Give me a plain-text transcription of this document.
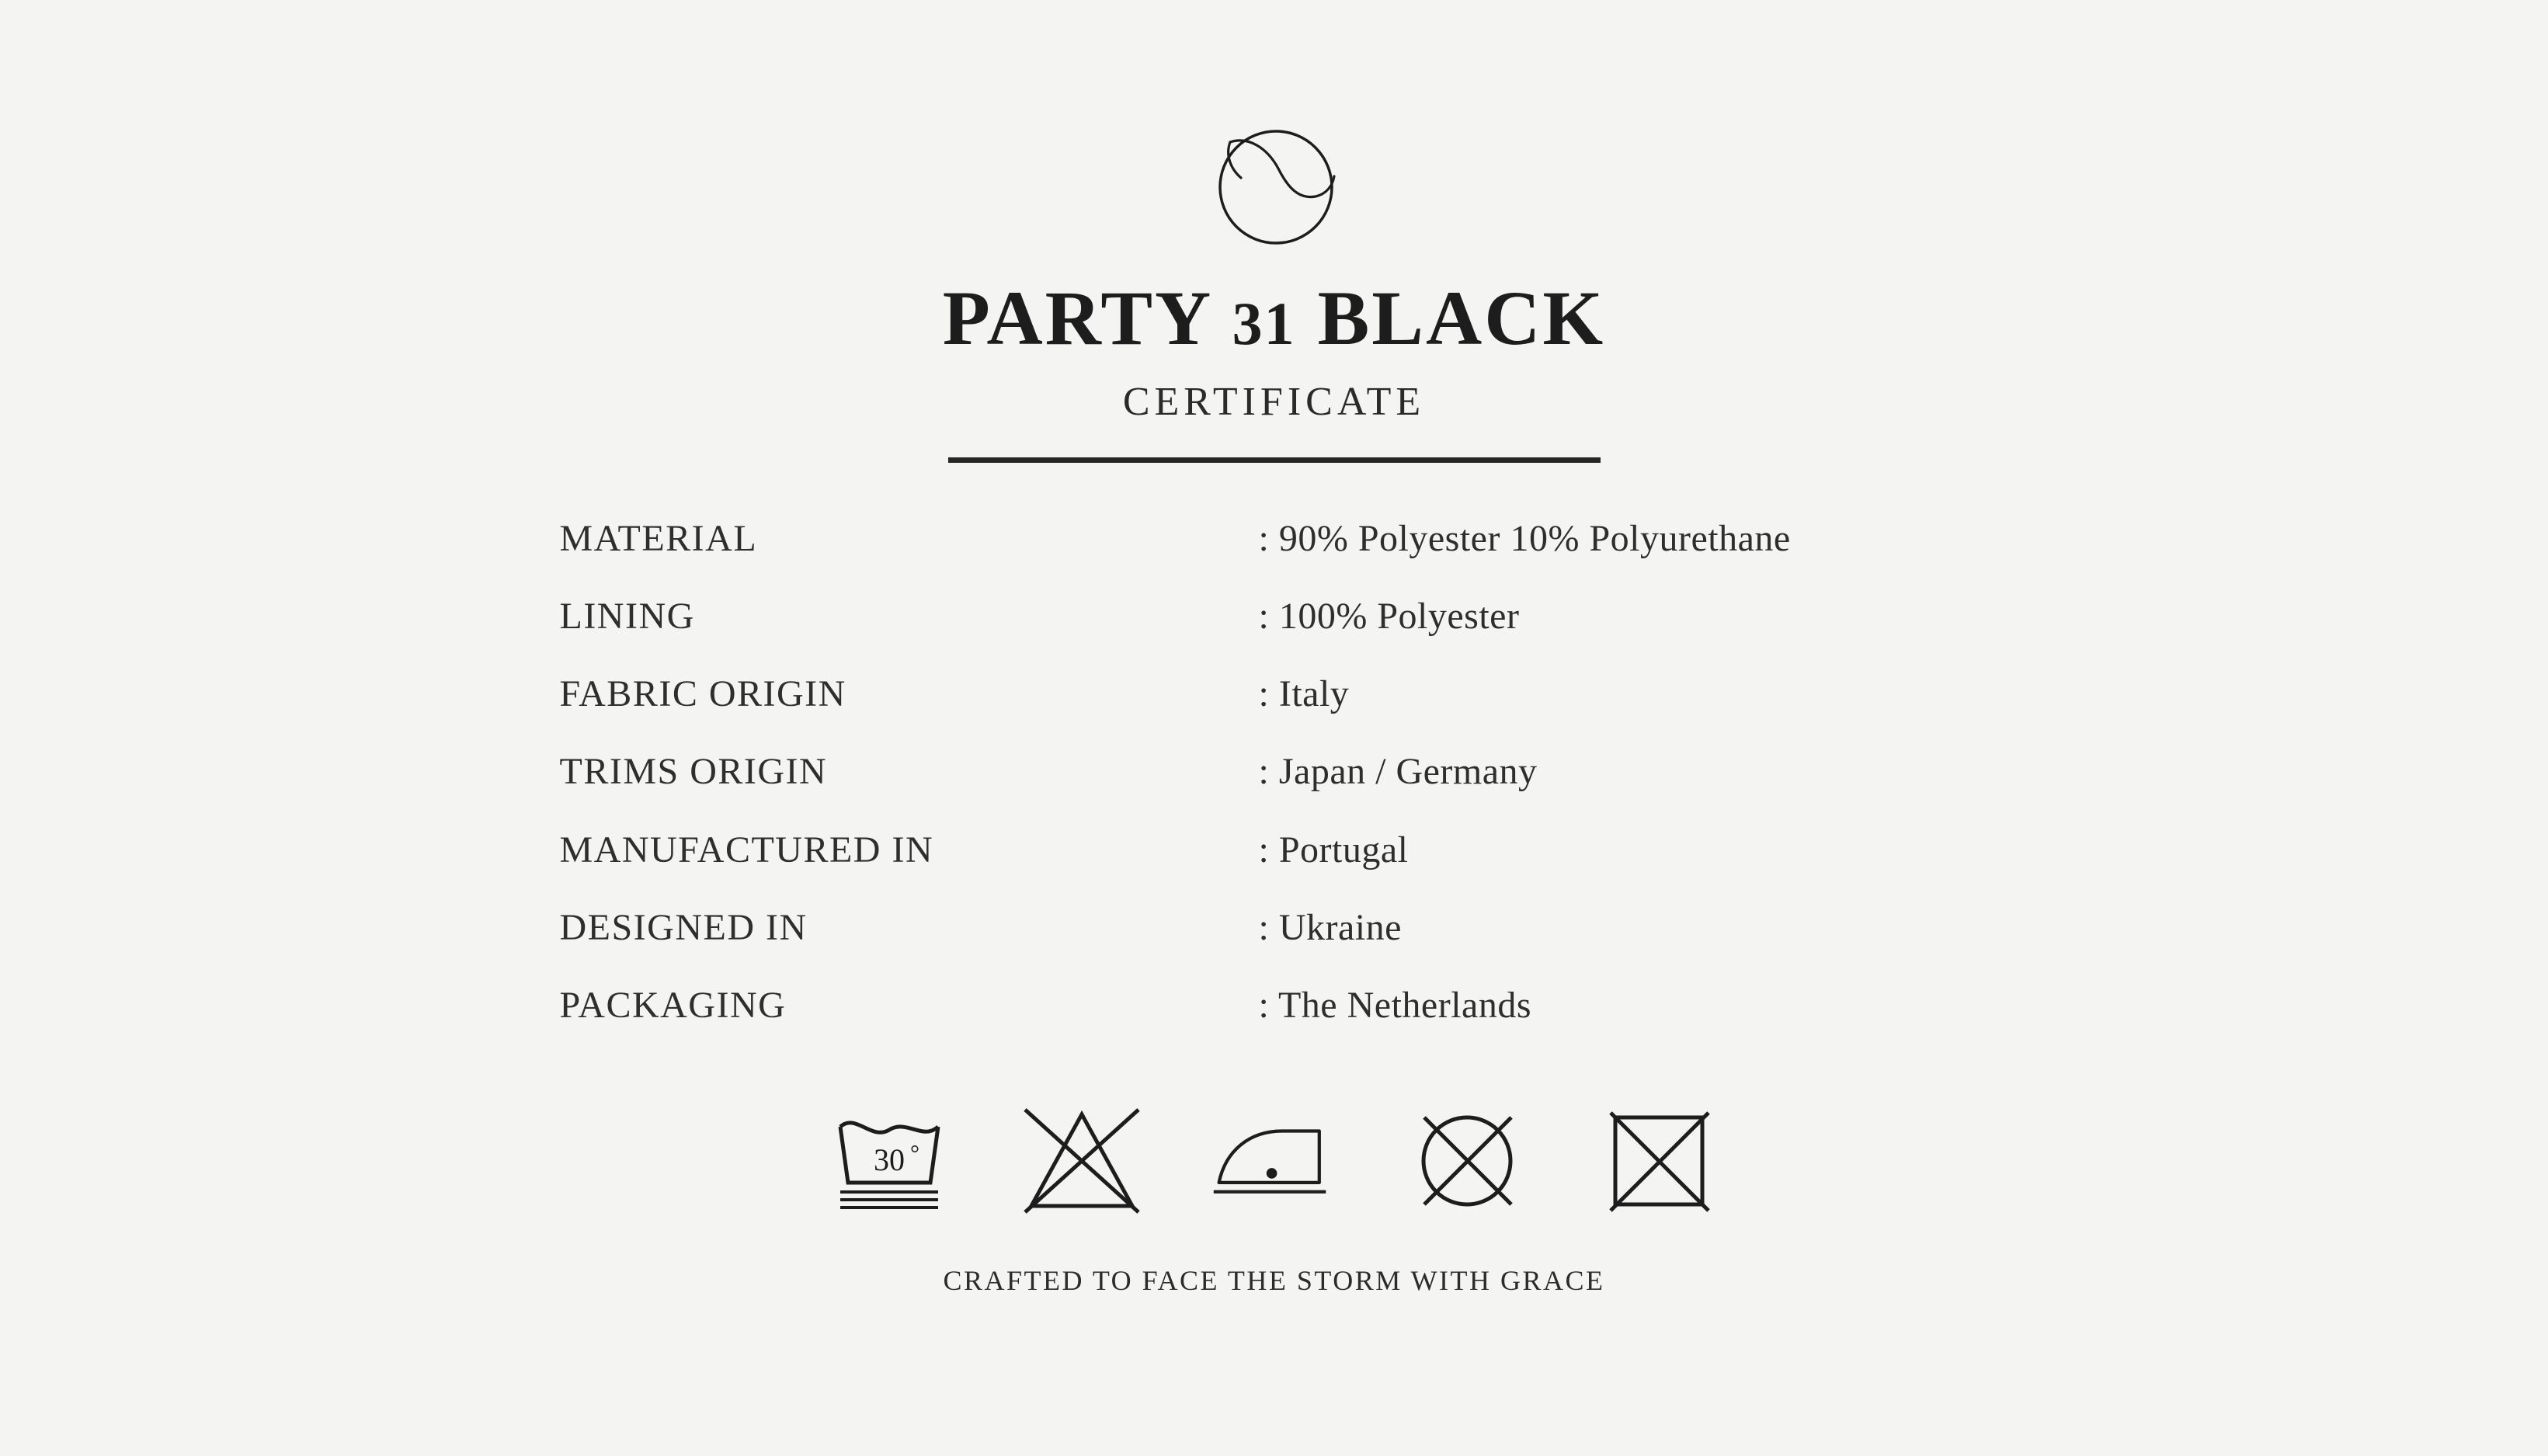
PARTY 31 BLACK
CERTIFICATE
MATERIAL	: 90% Polyester 10% Polyurethane
LINING	: 100% Polyester
FABRIC ORIGIN	: Italy
TRIMS ORIGIN	: Japan / Germany
MANUFACTURED IN	: Portugal
DESIGNED IN	: Ukraine
PACKAGING	: The Netherlands
30 °
CRAFTED TO FACE THE STORM WITH GRACE
